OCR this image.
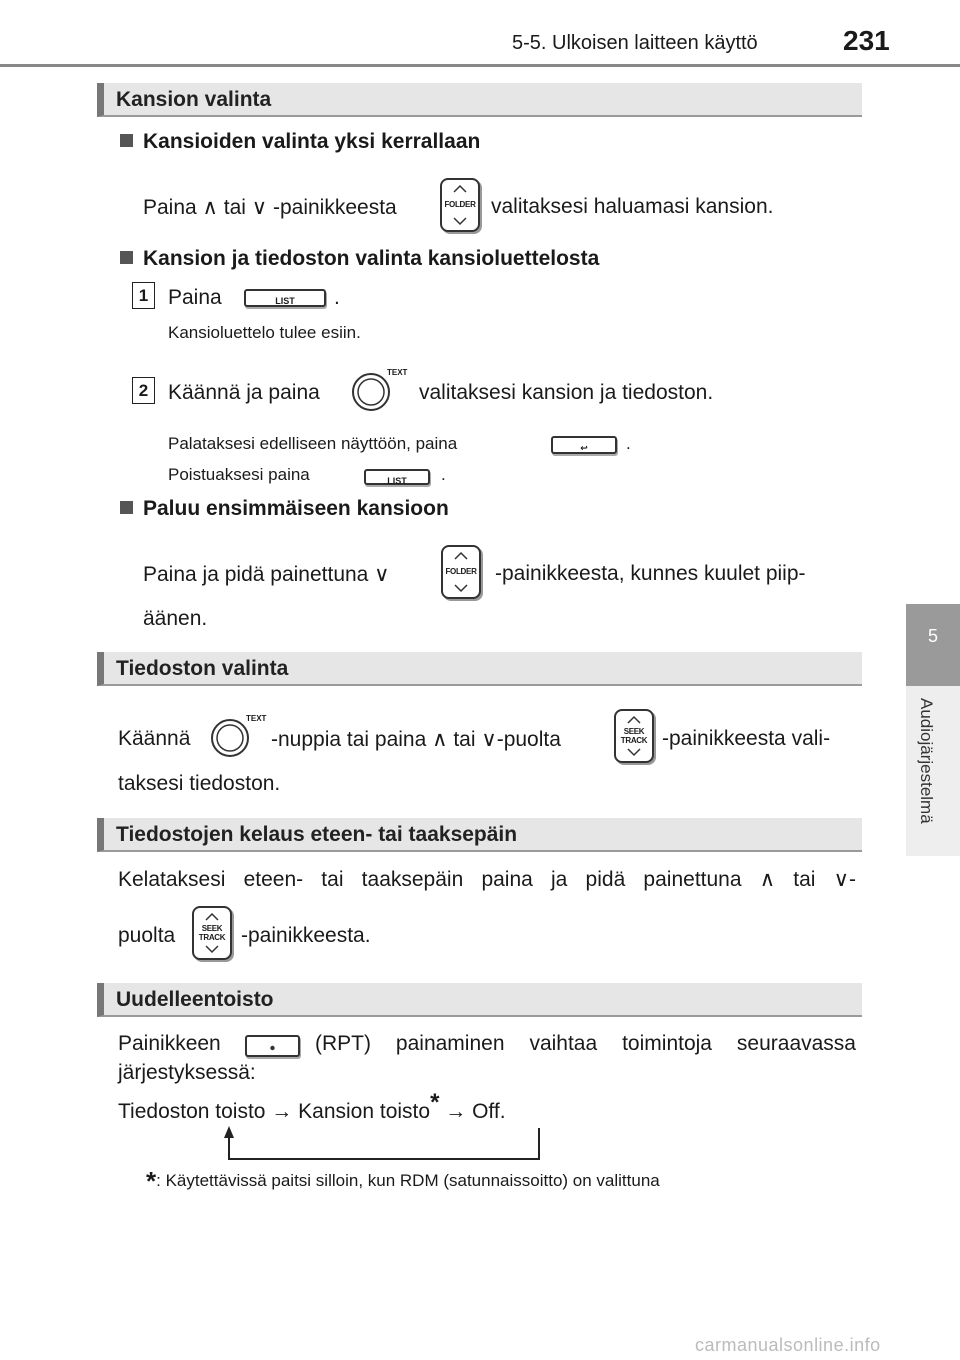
5-5. Ulkoisen laitteen käyttö	231
5
Audiojärjestelmä
Kansion valinta
Kansioiden valinta yksi kerrallaan
Paina ∧ tai ∨ -painikkeesta	FOLDER valitaksesi haluamasi kansion.
Kansion ja tiedoston valinta kansioluettelosta
1 Paina	LIST	.
Kansioluettelo tulee esiin.
2 Käännä ja paina
TEXT
valitaksesi kansion ja tiedoston.
Palataksesi edelliseen näyttöön, paina	↩	.
Poistuaksesi paina	LIST	.
Paluu ensimmäiseen kansioon
Paina ja pidä painettuna ∨	FOLDER -painikkeesta, kunnes kuulet piip-
äänen.
Tiedoston valinta
Käännä
TEXT
-nuppia tai paina ∧ tai ∨-puolta	SEEK
TRACK -painikkeesta vali-
taksesi tiedoston.
Tiedostojen kelaus eteen- tai taaksepäin
Kelataksesi eteen- tai taaksepäin paina ja pidä painettuna ∧ tai ∨-
puolta	SEEK
TRACK -painikkeesta.
Uudelleentoisto
Painikkeen	(RPT) painaminen vaihtaa toimintoja seuraavassa
järjestyksessä:
Tiedoston toisto → Kansion toisto* → Off.
*: Käytettävissä paitsi silloin, kun RDM (satunnaissoitto) on valittuna
carmanualsonline.info
